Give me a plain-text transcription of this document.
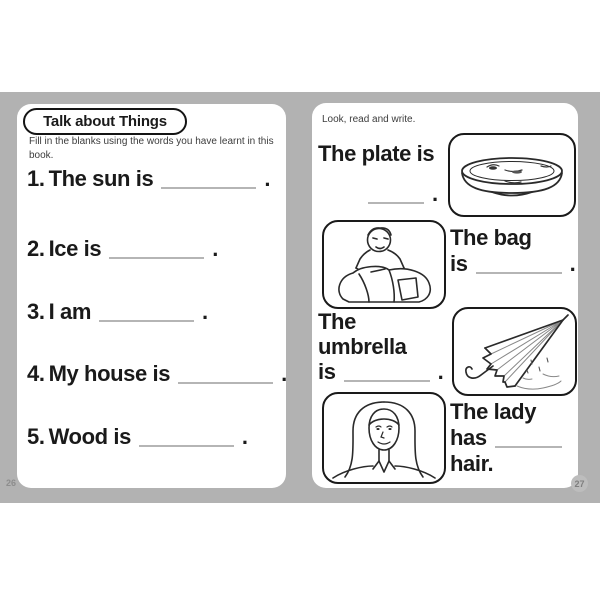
Talk about Things
Fill in the blanks using the words you have learnt in this book.
1. The sun is	.
2. Ice is	.
3. I am	.
4. My house is	.
5. Wood is	.
Look, read and write.
The plate is
.
The bag
is	.
The
umbrella
is	.
The lady
has
hair.
26	27
